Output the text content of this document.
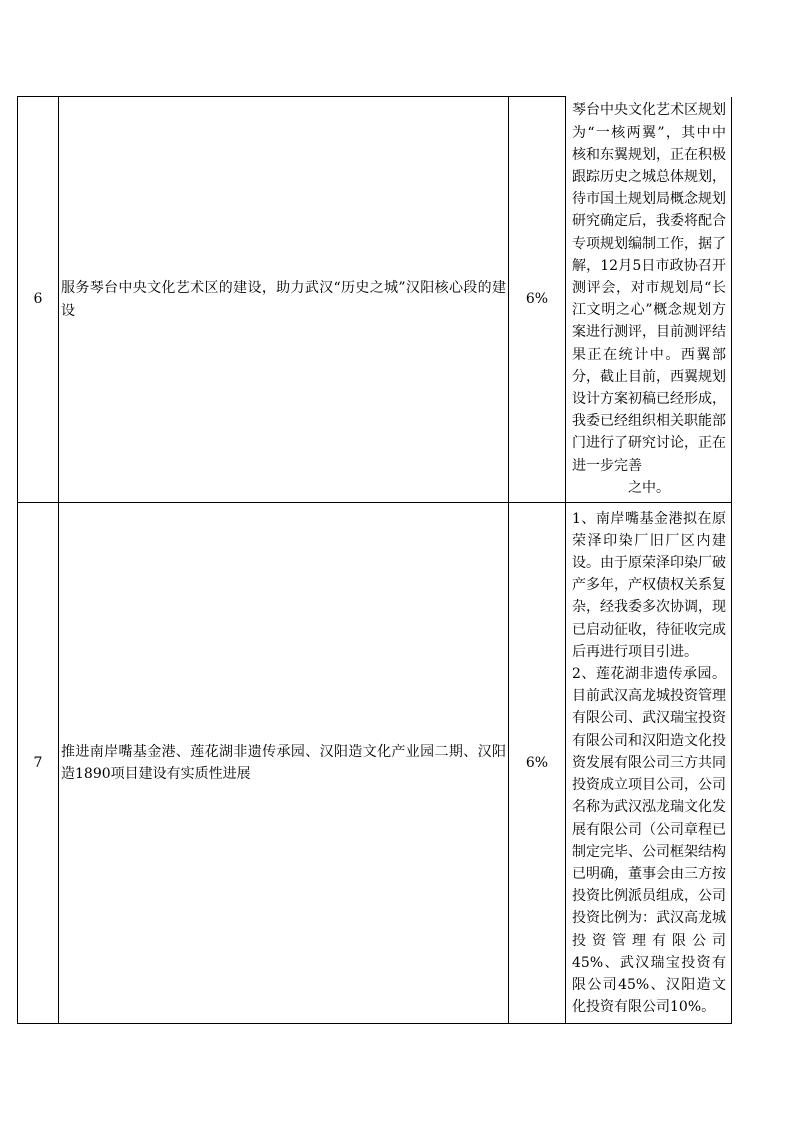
6	服务琴台中央文化艺术区的建设，助力武汉“历史之城”汉阳核心段的建设	6%	琴台中央文化艺术区规划为“一核两翼”，其中中核和东翼规划，正在积极跟踪历史之城总体规划，待市国土规划局概念规划研究确定后，我委将配合专项规划编制工作，据了解，12月5日市政协召开测评会，对市规划局“长江文明之心”概念规划方案进行测评，目前测评结果正在统计中。西翼部分，截止目前，西翼规划设计方案初稿已经形成，我委已经组织相关职能部门进行了研究讨论，正在进一步完善
之中。

7	推进南岸嘴基金港、莲花湖非遗传承园、汉阳造文化产业园二期、汉阳造1890项目建设有实质性进展	6%	1、南岸嘴基金港拟在原荣泽印染厂旧厂区内建设。由于原荣泽印染厂破产多年，产权债权关系复杂，经我委多次协调，现已启动征收，待征收完成后再进行项目引进。
2、莲花湖非遗传承园。目前武汉高龙城投资管理有限公司、武汉瑞宝投资有限公司和汉阳造文化投资发展有限公司三方共同投资成立项目公司，公司名称为武汉泓龙瑞文化发展有限公司（公司章程已制定完毕、公司框架结构已明确，董事会由三方按投资比例派员组成，公司投资比例为：武汉高龙城投资管理有限公司45%、武汉瑞宝投资有限公司45%、汉阳造文化投资有限公司10%。
